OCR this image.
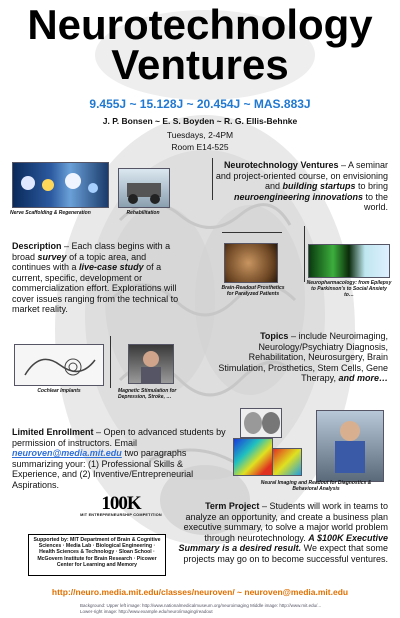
Neurotechnology
Ventures
9.455J ~ 15.128J ~ 20.454J ~ MAS.883J
J. P. Bonsen ~ E. S. Boyden ~ R. G. Ellis-Behnke
Tuesdays, 2-4PM
Room E14-525
Nerve Scaffolding & Regeneration	Rehabilitation
Neurotechnology Ventures – A seminar and project-oriented course, on envisioning and building startups to bring neuroengineering innovations to the world.
Description – Each class begins with a broad survey of a topic area, and continues with a live-case study of a current, specific, development or commercialization effort. Explorations will cover issues ranging from the technical to market reality.
Brain-Readout Prosthetics for Paralyzed Patients
Neuropharmacology: from Epilepsy to Parkinson's to Social Anxiety to…
Cochlear Implants	Magnetic Stimulation for Depression, Stroke, …
Topics – include Neuroimaging, Neurology/Psychiatry Diagnosis, Rehabilitation, Neurosurgery, Brain Stimulation, Prosthetics, Stem Cells, Gene Therapy, and more…
Limited Enrollment – Open to advanced students by permission of instructors. Email neuroven@media.mit.edu two paragraphs summarizing your: (1) Professional Skills & Experience, and (2) Inventive/Entrepreneurial Aspirations.	Neural Imaging and Readout for Diagnostics & Behavioral Analysis
100K
MIT ENTREPRENEURSHIP COMPETITION
Supported by: MIT Department of Brain & Cognitive Sciences · Media Lab · Biological Engineering · Health Sciences & Technology · Sloan School · McGovern Institute for Brain Research · Picower Center for Learning and Memory
Term Project – Students will work in teams to analyze an opportunity, and create a business plan executive summary, to solve a major world problem through neurotechnology. A $100K Executive Summary is a desired result. We expect that some projects may go on to become successful ventures.
http://neuro.media.mit.edu/classes/neuroven/ ~ neuroven@media.mit.edu
Background: Upper left image: http://www.nationalmedicalmuseum.org/neuroimaging Middle image: http://www.mit.edu/...
Lower-right image: http://www.example.edu/neuro/imaging/readout
